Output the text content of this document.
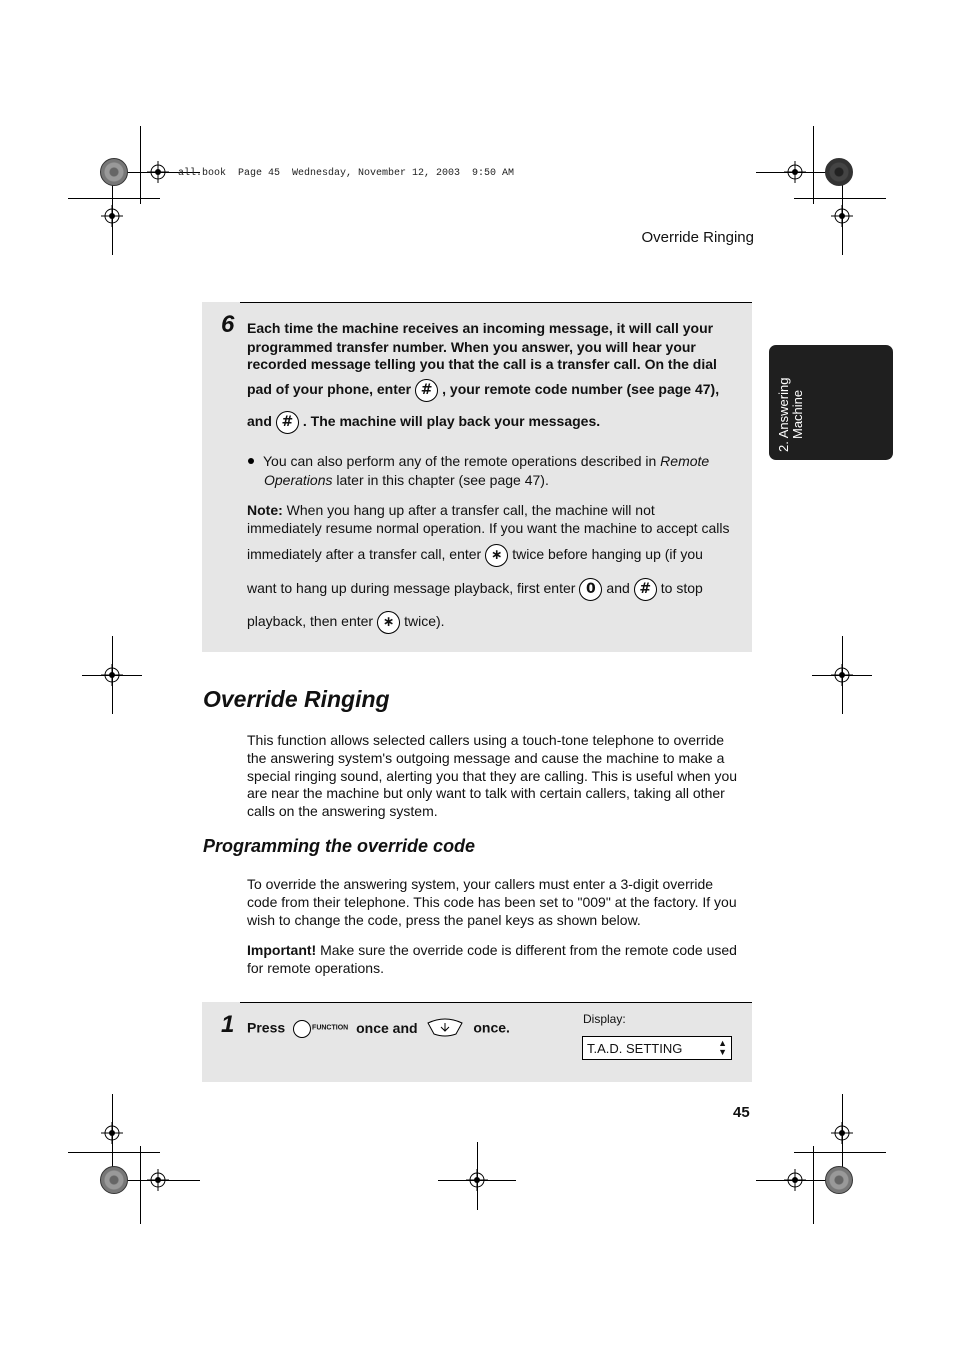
all.book  Page 45  Wednesday, November 12, 2003  9:50 AM
Override Ringing
2. Answering Machine
6 Each time the machine receives an incoming message, it will call your
programmed transfer number. When you answer, you will hear your
recorded message telling you that the call is a transfer call. On the dial
pad of your phone, enter # , your remote code number (see page 47),
and # . The machine will play back your messages.
You can also perform any of the remote operations described in Remote
Operations later in this chapter (see page 47).
Note: When you hang up after a transfer call, the machine will not
immediately resume normal operation. If you want the machine to accept calls
immediately after a transfer call, enter ∗ twice before hanging up (if you
want to hang up during message playback, first enter 0 and # to stop
playback, then enter ∗ twice).
Override Ringing

This function allows selected callers using a touch-tone telephone to override the answering system's outgoing message and cause the machine to make a special ringing sound, alerting you that they are calling. This is useful when you are near the machine but only want to talk with certain callers, taking all other calls on the answering system.

Programming the override code

To override the answering system, your callers must enter a 3-digit override code from their telephone. This code has been set to "009" at the factory. If you wish to change the code, press the panel keys as shown below.

Important! Make sure the override code is different from the remote code used for remote operations.

1 Press	$^{FUNCTION}$ once and	once.
Display:
T.A.D. SETTING	▲
▼
45
